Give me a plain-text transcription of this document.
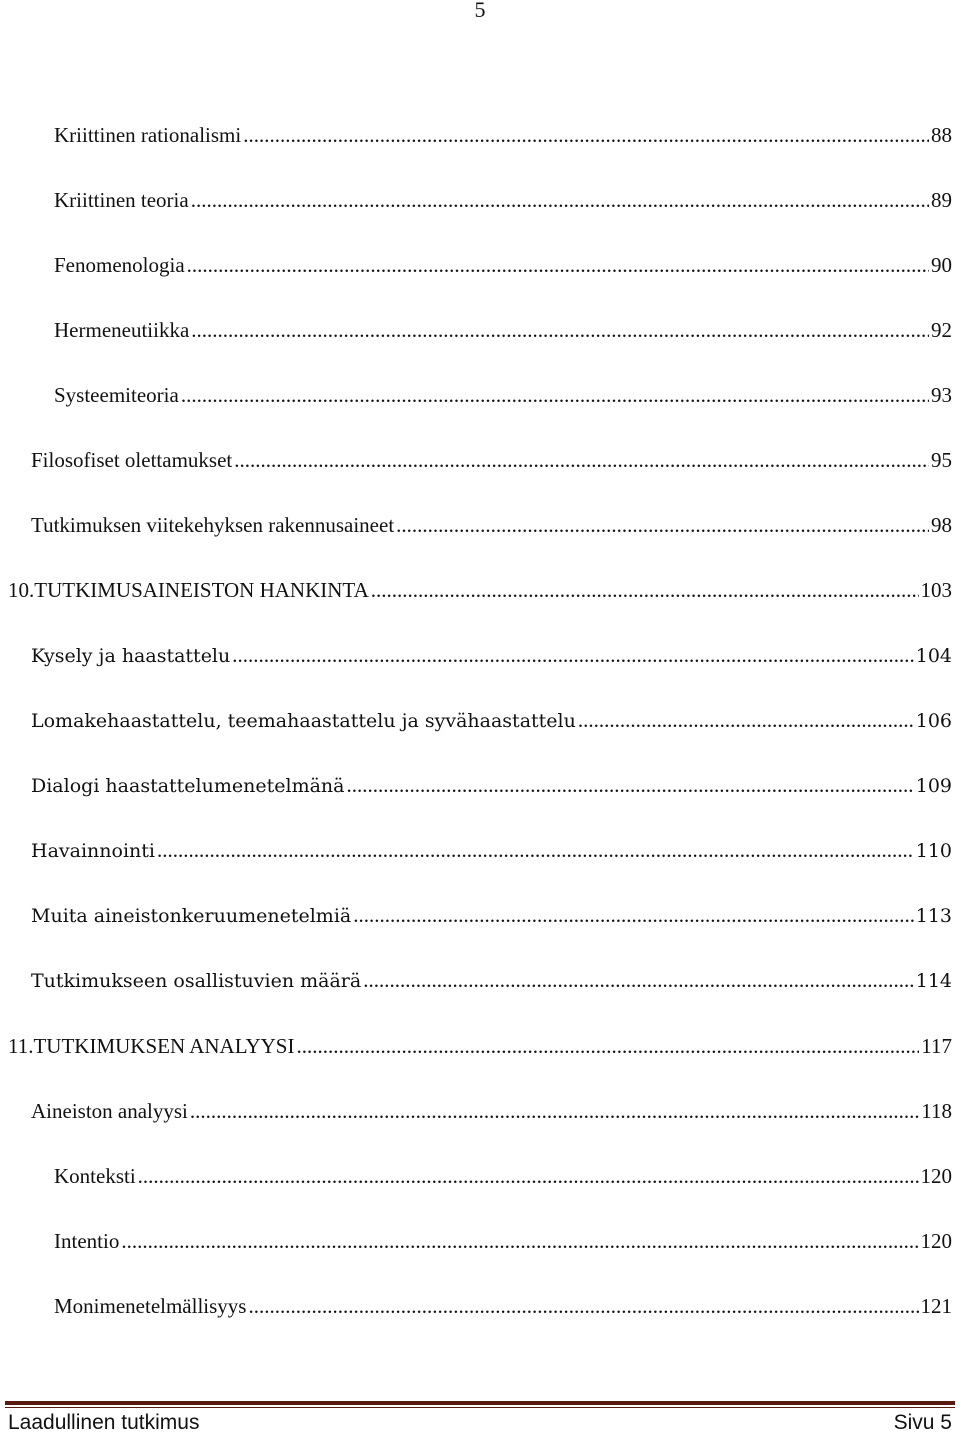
5
Kriittinen rationalismi .....	88
Kriittinen teoria .....	89
Fenomenologia .....	90
Hermeneutiikka .....	92
Systeemiteoria .....	93
Filosofiset olettamukset .....	95
Tutkimuksen viitekehyksen rakennusaineet .....	98
10. TUTKIMUSAINEISTON HANKINTA .....	103
Kysely ja haastattelu .....	104
Lomakehaastattelu, teemahaastattelu ja syvähaastattelu .....	106
Dialogi haastattelumenetelmänä .....	109
Havainnointi .....	110
Muita aineistonkeruumenetelmiä .....	113
Tutkimukseen osallistuvien määrä .....	114
11. TUTKIMUKSEN ANALYYSI .....	117
Aineiston analyysi .....	118
Konteksti .....	120
Intentio .....	120
Monimenetelmällisyys .....	121
Laadullinen tutkimus	Sivu 5
